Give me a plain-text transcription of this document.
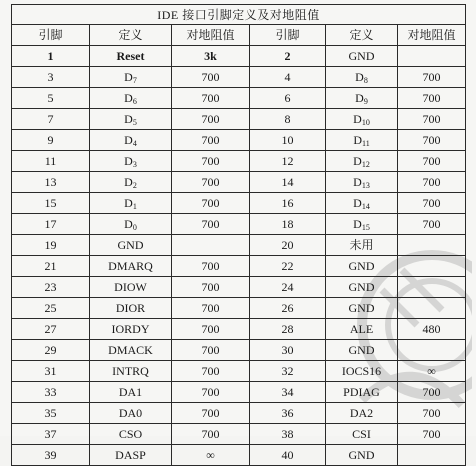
IDE 接口引脚定义及对地阻值					
引脚	定义	对地阻值	引脚	定义	对地阻值
1	Reset	3k	2	GND	
3	$D_7$	700	4	$D_8$	700
5	$D_6$	700	6	$D_9$	700
7	$D_5$	700	8	$D_{10}$	700
9	$D_4$	700	10	$D_{11}$	700
11	$D_3$	700	12	$D_{12}$	700
13	$D_2$	700	14	$D_{13}$	700
15	$D_1$	700	16	$D_{14}$	700
17	$D_0$	700	18	$D_{15}$	700
19	GND		20	未用	
21	DMARQ	700	22	GND	
23	DIOW	700	24	GND	
25	DIOR	700	26	GND	
27	IORDY	700	28	ALE	480
29	DMACK	700	30	GND	
31	INTRQ	700	32	IOCS16	∞
33	DA1	700	34	PDIAG	700
35	DA0	700	36	DA2	700
37	CSO	700	38	CSI	700
39	DASP	∞	40	GND	
